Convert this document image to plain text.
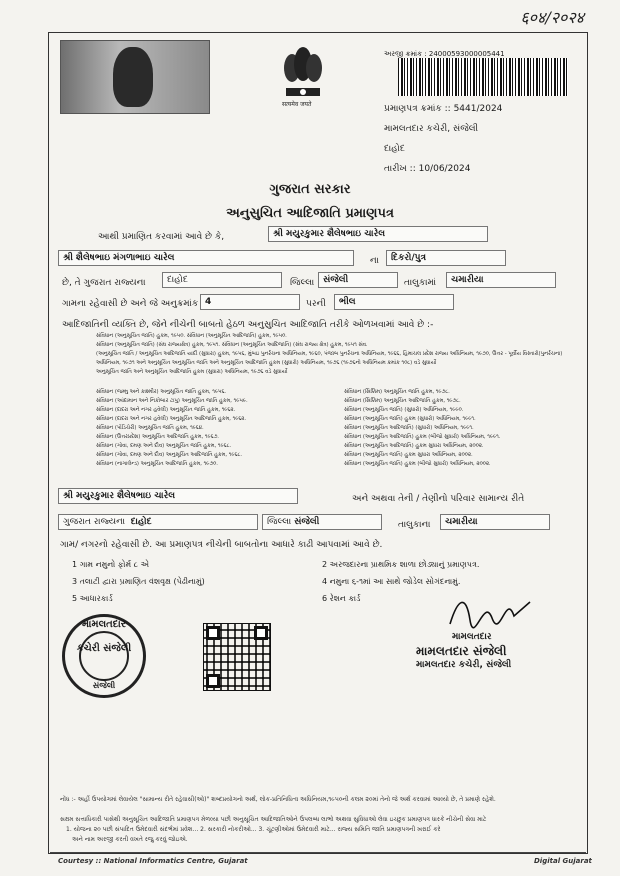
६०४/२०२४
सत्यमेव जयते
અરજી ક્રમાંક : 24000593000005441
પ્રમાણપત્ર ક્રમાંક :: 5441/2024
મામલતદાર કચેરી, સંજેલી
દાહોદ
તારીખ :: 10/06/2024
ગુજરાત સરકાર
અનુસુચિત આદિજાતિ પ્રમાણપત્ર
આથી પ્રમાણિત કરવામાં આવે છે કે,	શ્રી મયુરકુમાર શૈલેષભાઇ ચારેલ
શ્રી શૈલેષભાઇ મંગળાભાઇ ચારેલ	ના	દિકરો/પુત્ર
છે, તે ગુજરાત રાજ્યના	દાહોદ	જિલ્લા સંજેલી	તાલુકામાં	ચમારીયા
ગામના રહેવાસી છે અને જે અનુક્રમાંક 4	પરની	ભીલ
આદિજાતિની વ્યક્તિ છે, જેને નીચેની બાબતો હેઠળ અનુસુચિત આદિજાતિ તરીકે ઓળખવામાં આવે છે :-
સંવિધાન (અનુસૂચિત જાતિ) હુકમ, ૧૯૫૦. સંવિધાન (અનુસૂચિત આદિજાતિ) હુકમ, ૧૯૫૦.
સંવિધાન (અનુસૂચિત જાતિ) (સંઘ રાજ્યક્ષેત્ર) હુકમ, ૧૯૫૧. સંવિધાન (અનુસૂચિત આદિજાતિ) (સંઘ રાજ્ય ક્ષેત્ર) હુકમ, ૧૯૫૧ સંવ.
(અનુસૂચિત જાતિ / અનુસૂચિત આદિજાતિ યાદી (સુધારા) હુકમ, ૧૯૫૬, મુંબઇ પુનર્રચના અધિનિયમ, ૧૯૬૦, પંજાબ પુનર્રચના અધિનિયમ, ૧૯૬૬, હિમાચલ પ્રદેશ રાજ્ય અધિનિયમ, ૧૯૭૦, ઉત્તર - પૂર્વીય વિસ્તારો(પુનર્રચના)
અધિનિયમ, ૧૯૭૧ અને અનુસૂચિત અનુસૂચિત જાતિ અને અનુસૂચિત આદિજાતિ હુકમ (સુધારો) અધિનિયમ, ૧૯૭૬ (૧૯૭૬નો અધિનિયમ ક્રમાંક ૧૦૮) વડે સુધાર્યો
અનુસૂચિત જાતિ અને અનુસૂચિત આદિજાતિ હુકમ (સુધારા) અધિનિયમ, ૧૯૭૬ વડે સુધાર્યો
સંવિધાન (જમ્મુ અને કાશ્મીર) અનુસૂચિત જાતિ હુકમ, ૧૯૫૬.
સંવિધાન (આંદામાન અને નિકોબાર ટાપુ) અનુસૂચિત જાતિ હુકમ, ૧૯૫૯.
સંવિધાન (દાદરા અને નગર હવેલી) અનુસૂચિત જાતિ હુકમ, ૧૯૬૨.
સંવિધાન (દાદરા અને નગર હવેલી) અનુસૂચિત આદિજાતિ હુકમ, ૧૯૬૨.
સંવિધાન (પોંડિચેરી) અનુસૂચિત જાતિ હુકમ, ૧૯૬૪.
સંવિધાન (ઉત્તરપ્રદેશ) અનુસૂચિત આદિજાતિ હુકમ, ૧૯૬૭.
સંવિધાન (ગોવા, દમણ અને દીવ) અનુસૂચિત જાતિ હુકમ, ૧૯૬૮.
સંવિધાન (ગોવા, દમણ અને દીવ) અનુસૂચિત આદિજાતિ હુકમ, ૧૯૬૮.
સંવિધાન (નાગાલેન્ડ) અનુસૂચિત આદિજાતિ હુકમ, ૧૯૭૦.
સંવિધાન (સિક્કિમ) અનુસૂચિત જાતિ હુકમ, ૧૯૭૮.
સંવિધાન (સિક્કિમ) અનુસૂચિત આદિજાતિ હુકમ, ૧૯૭૮.
સંવિધાન (અનુસૂચિત જાતિ) (સુધારો) અધિનિયમ, ૧૯૯૦.
સંવિધાન (અનુસૂચિત જાતિ) હુકમ (સુધારો) અધિનિયમ, ૧૯૯૧.
સંવિધાન (અનુસૂચિત આદિજાતિ) (સુધારો) અધિનિયમ, ૧૯૯૧.
સંવિધાન (અનુસૂચિત આદિજાતિ) હુકમ (બીજો સુધારો) અધિનિયમ, ૧૯૯૧.
સંવિધાન (અનુસૂચિત આદિજાતિ) હુકમ સુધારા અધિનિયમ, ૨૦૦૨.
સંવિધાન (અનુસૂચિત જાતિ) હુકમ સુધારા અધિનિયમ, ૨૦૦૨.
સંવિધાન (અનુસૂચિત જાતિ) હુકમ (બીજો સુધારો) અધિનિયમ, ૨૦૦૨.
શ્રી મયુરકુમાર શૈલેષભાઇ ચારેલ	અને અથવા તેની / તેણીનો પરિવાર સામાન્ય રીતે
ગુજરાત રાજ્યના દાહોદ	જિલ્લા સંજેલી	તાલુકાના	ચમારીયા
ગામ/ નગરનો રહેવાસી છે. આ પ્રમાણપત્ર નીચેની બાબતોના આધારે કાઢી આપવામાં આવે છે.
1 ગામ નમુનો ફોર્મ ૮ એ	2 અરજદારના પ્રાથમિક શાળા છોડ્યાનું પ્રમાણપત્ર.
3 તલાટી દ્વારા પ્રમાણિત વંશવૃક્ષ (પેઢીનામું)	4 નમુના ૬-૧માં આ સાથે જોડેલ સોગંદનામું.
5 આધારકાર્ડ	6 રેશન કાર્ડ
મામલતદાર
કચેરી સંજેલી
સંજેલી
મામલતદાર
મામલતદાર સંજેલી
મામલતદાર કચેરી, સંજેલી
નોંધ :- અહીં ઉપયોગમાં લેવાયેલ "સામાન્ય રીતે રહેવાસી(ઓ)" શબ્દપ્રયોગનો અર્થ, લોક-પ્રતિનિધિત્વ અધિનિયમ,૧૯૫૦ની કલમ ૨૦માં તેનો જે અર્થ કરવામાં આવ્યો છે, તે પ્રમાણે રહેશે.
સક્ષમ સત્તાધિકારી પાસેથી અનુસૂચિત આદિજાતિ પ્રમાણપત્ર મેળવ્યા પછી અનુસૂચિત આદિજાતિઓને ઉપલબ્ધ લાભો અથવા સુવિધાઓ લેવા ઇચ્છુક પ્રમાણપત્ર ધારકે નીચેની સેવા માટે
1. યોજના ૨૦ પછી સંપાદિત ઉમેદવારી સંદર્ભમાં પ્રવેશ... 2. સરકારી નોકરીઓ... 3. ચૂંટણીઓમાં ઉમેદવારી માટે... રાજ્ય સમિતિ જાતિ પ્રમાણપત્રની ખરાઈ કરે
અને નામ અરજી કરતી વખતે રજુ કરવું જોઇએ.
Courtesy :: National Informatics Centre, Gujarat	Digital Gujarat
